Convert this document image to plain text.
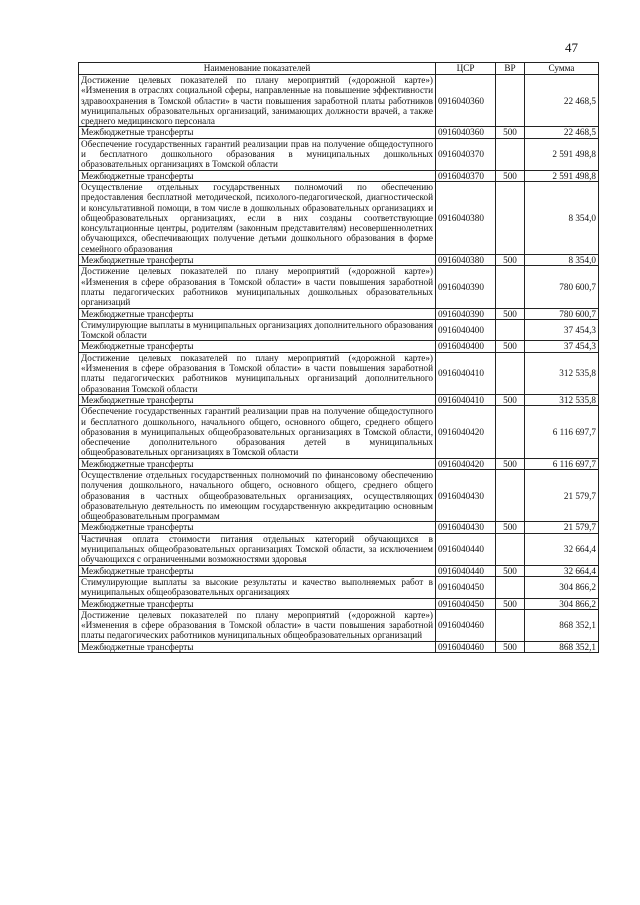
47
Наименование показателей	ЦСР	ВР	Сумма
Достижение целевых показателей по плану мероприятий («дорожной карте») «Изменения в отраслях социальной сферы, направленные на повышение эффективности здравоохранения в Томской области» в части повышения заработной платы работников муниципальных образовательных организаций, занимающих должности врачей, а также среднего медицинского персонала	0916040360		22 468,5
Межбюджетные трансферты	0916040360	500	22 468,5
Обеспечение государственных гарантий реализации прав на получение общедоступного и бесплатного дошкольного образования в муниципальных дошкольных образовательных организациях в Томской области	0916040370		2 591 498,8
Межбюджетные трансферты	0916040370	500	2 591 498,8
Осуществление отдельных государственных полномочий по обеспечению предоставления бесплатной методической, психолого-педагогической, диагностической и консультативной помощи, в том числе в дошкольных образовательных организациях и общеобразовательных организациях, если в них созданы соответствующие консультационные центры, родителям (законным представителям) несовершеннолетних обучающихся, обеспечивающих получение детьми дошкольного образования в форме семейного образования	0916040380		8 354,0
Межбюджетные трансферты	0916040380	500	8 354,0
Достижение целевых показателей по плану мероприятий («дорожной карте») «Изменения в сфере образования в Томской области» в части повышения заработной платы педагогических работников муниципальных дошкольных образовательных организаций	0916040390		780 600,7
Межбюджетные трансферты	0916040390	500	780 600,7
Стимулирующие выплаты в муниципальных организациях дополнительного образования Томской области	0916040400		37 454,3
Межбюджетные трансферты	0916040400	500	37 454,3
Достижение целевых показателей по плану мероприятий («дорожной карте») «Изменения в сфере образования в Томской области» в части повышения заработной платы педагогических работников муниципальных организаций дополнительного образования Томской области	0916040410		312 535,8
Межбюджетные трансферты	0916040410	500	312 535,8
Обеспечение государственных гарантий реализации прав на получение общедоступного и бесплатного дошкольного, начального общего, основного общего, среднего общего образования в муниципальных общеобразовательных организациях в Томской области, обеспечение дополнительного образования детей в муниципальных общеобразовательных организациях в Томской области	0916040420		6 116 697,7
Межбюджетные трансферты	0916040420	500	6 116 697,7
Осуществление отдельных государственных полномочий по финансовому обеспечению получения дошкольного, начального общего, основного общего, среднего общего образования в частных общеобразовательных организациях, осуществляющих образовательную деятельность по имеющим государственную аккредитацию основным общеобразовательным программам	0916040430		21 579,7
Межбюджетные трансферты	0916040430	500	21 579,7
Частичная оплата стоимости питания отдельных категорий обучающихся в муниципальных общеобразовательных организациях Томской области, за исключением обучающихся с ограниченными возможностями здоровья	0916040440		32 664,4
Межбюджетные трансферты	0916040440	500	32 664,4
Стимулирующие выплаты за высокие результаты и качество выполняемых работ в муниципальных общеобразовательных организациях	0916040450		304 866,2
Межбюджетные трансферты	0916040450	500	304 866,2
Достижение целевых показателей по плану мероприятий («дорожной карте») «Изменения в сфере образования в Томской области» в части повышения заработной платы педагогических работников муниципальных общеобразовательных организаций	0916040460		868 352,1
Межбюджетные трансферты	0916040460	500	868 352,1
